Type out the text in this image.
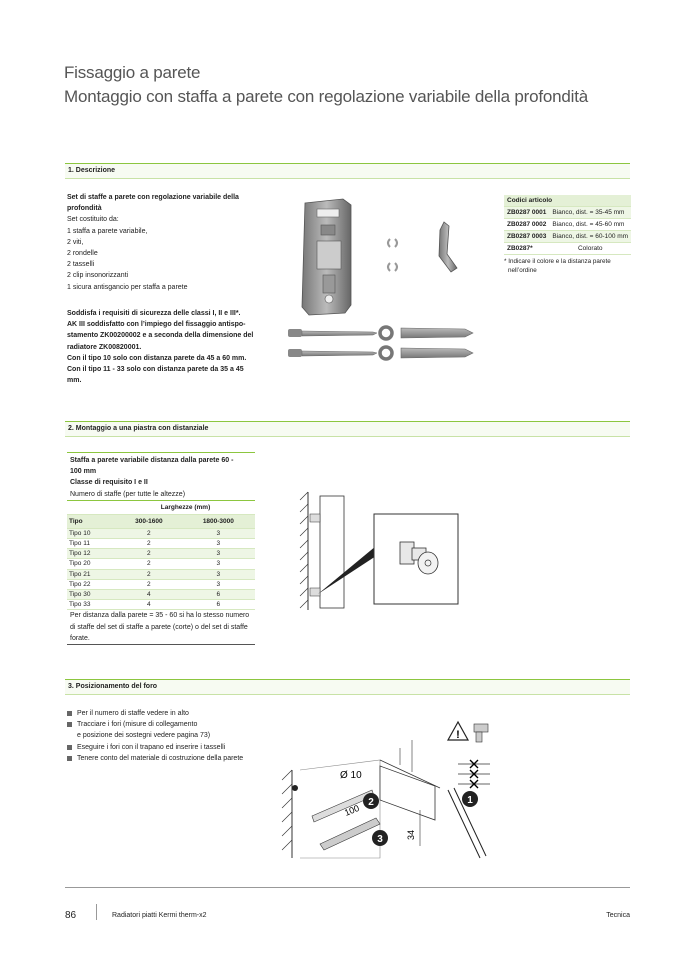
Fissaggio a parete
Montaggio con staffa a parete con regolazione variabile della profondità
1. Descrizione
Set di staffe a parete con regolazione variabile della
profondità
Set costituito da:
1 staffa a parete variabile,
2 viti,
2 rondelle
2 tasselli
2 clip insonorizzanti
1 sicura antisgancio per staffa a parete
Soddisfa i requisiti di sicurezza delle classi I, II e III*.
AK III soddisfatto con l’impiego del fissaggio antispo-
stamento ZK00200002 e a seconda della dimensione del
radiatore ZK00820001.
Con il tipo 10 solo con distanza parete da 45 a 60 mm.
Con il tipo 11 - 33 solo con distanza parete da 35 a 45
mm.
Codici articolo	
ZB0287 0001	Bianco, dist. = 35-45 mm
ZB0287 0002	Bianco, dist. = 45-60 mm
ZB0287 0003	Bianco, dist. = 60-100 mm
ZB0287*	Colorato
* Indicare il colore e la distanza parete
nell’ordine
2. Montaggio a una piastra con distanziale
Staffa a parete variabile distanza dalla parete 60 -
100 mm
Classe di requisito I e II
Numero di staffe (per tutte le altezze)
	Larghezze (mm)	
Tipo	300-1600	1800-3000
Tipo 10	2	3
Tipo 11	2	3
Tipo 12	2	3
Tipo 20	2	3
Tipo 21	2	3
Tipo 22	2	3
Tipo 30	4	6
Tipo 33	4	6
Per distanza dalla parete = 35 - 60 si ha lo stesso numero
di staffe del set di staffe a parete (corte) o del set di staffe
forate.
3. Posizionamento del foro
Per il numero di staffe vedere in alto
Tracciare i fori (misure di collegamento
e posizione dei sostegni vedere pagina 73)
Eseguire i fori con il trapano ed inserire i tasselli
Tenere conto del materiale di costruzione della parete
!
Ø 10
100
34
1
2
3
86	Radiatori piatti Kermi therm-x2	Tecnica
